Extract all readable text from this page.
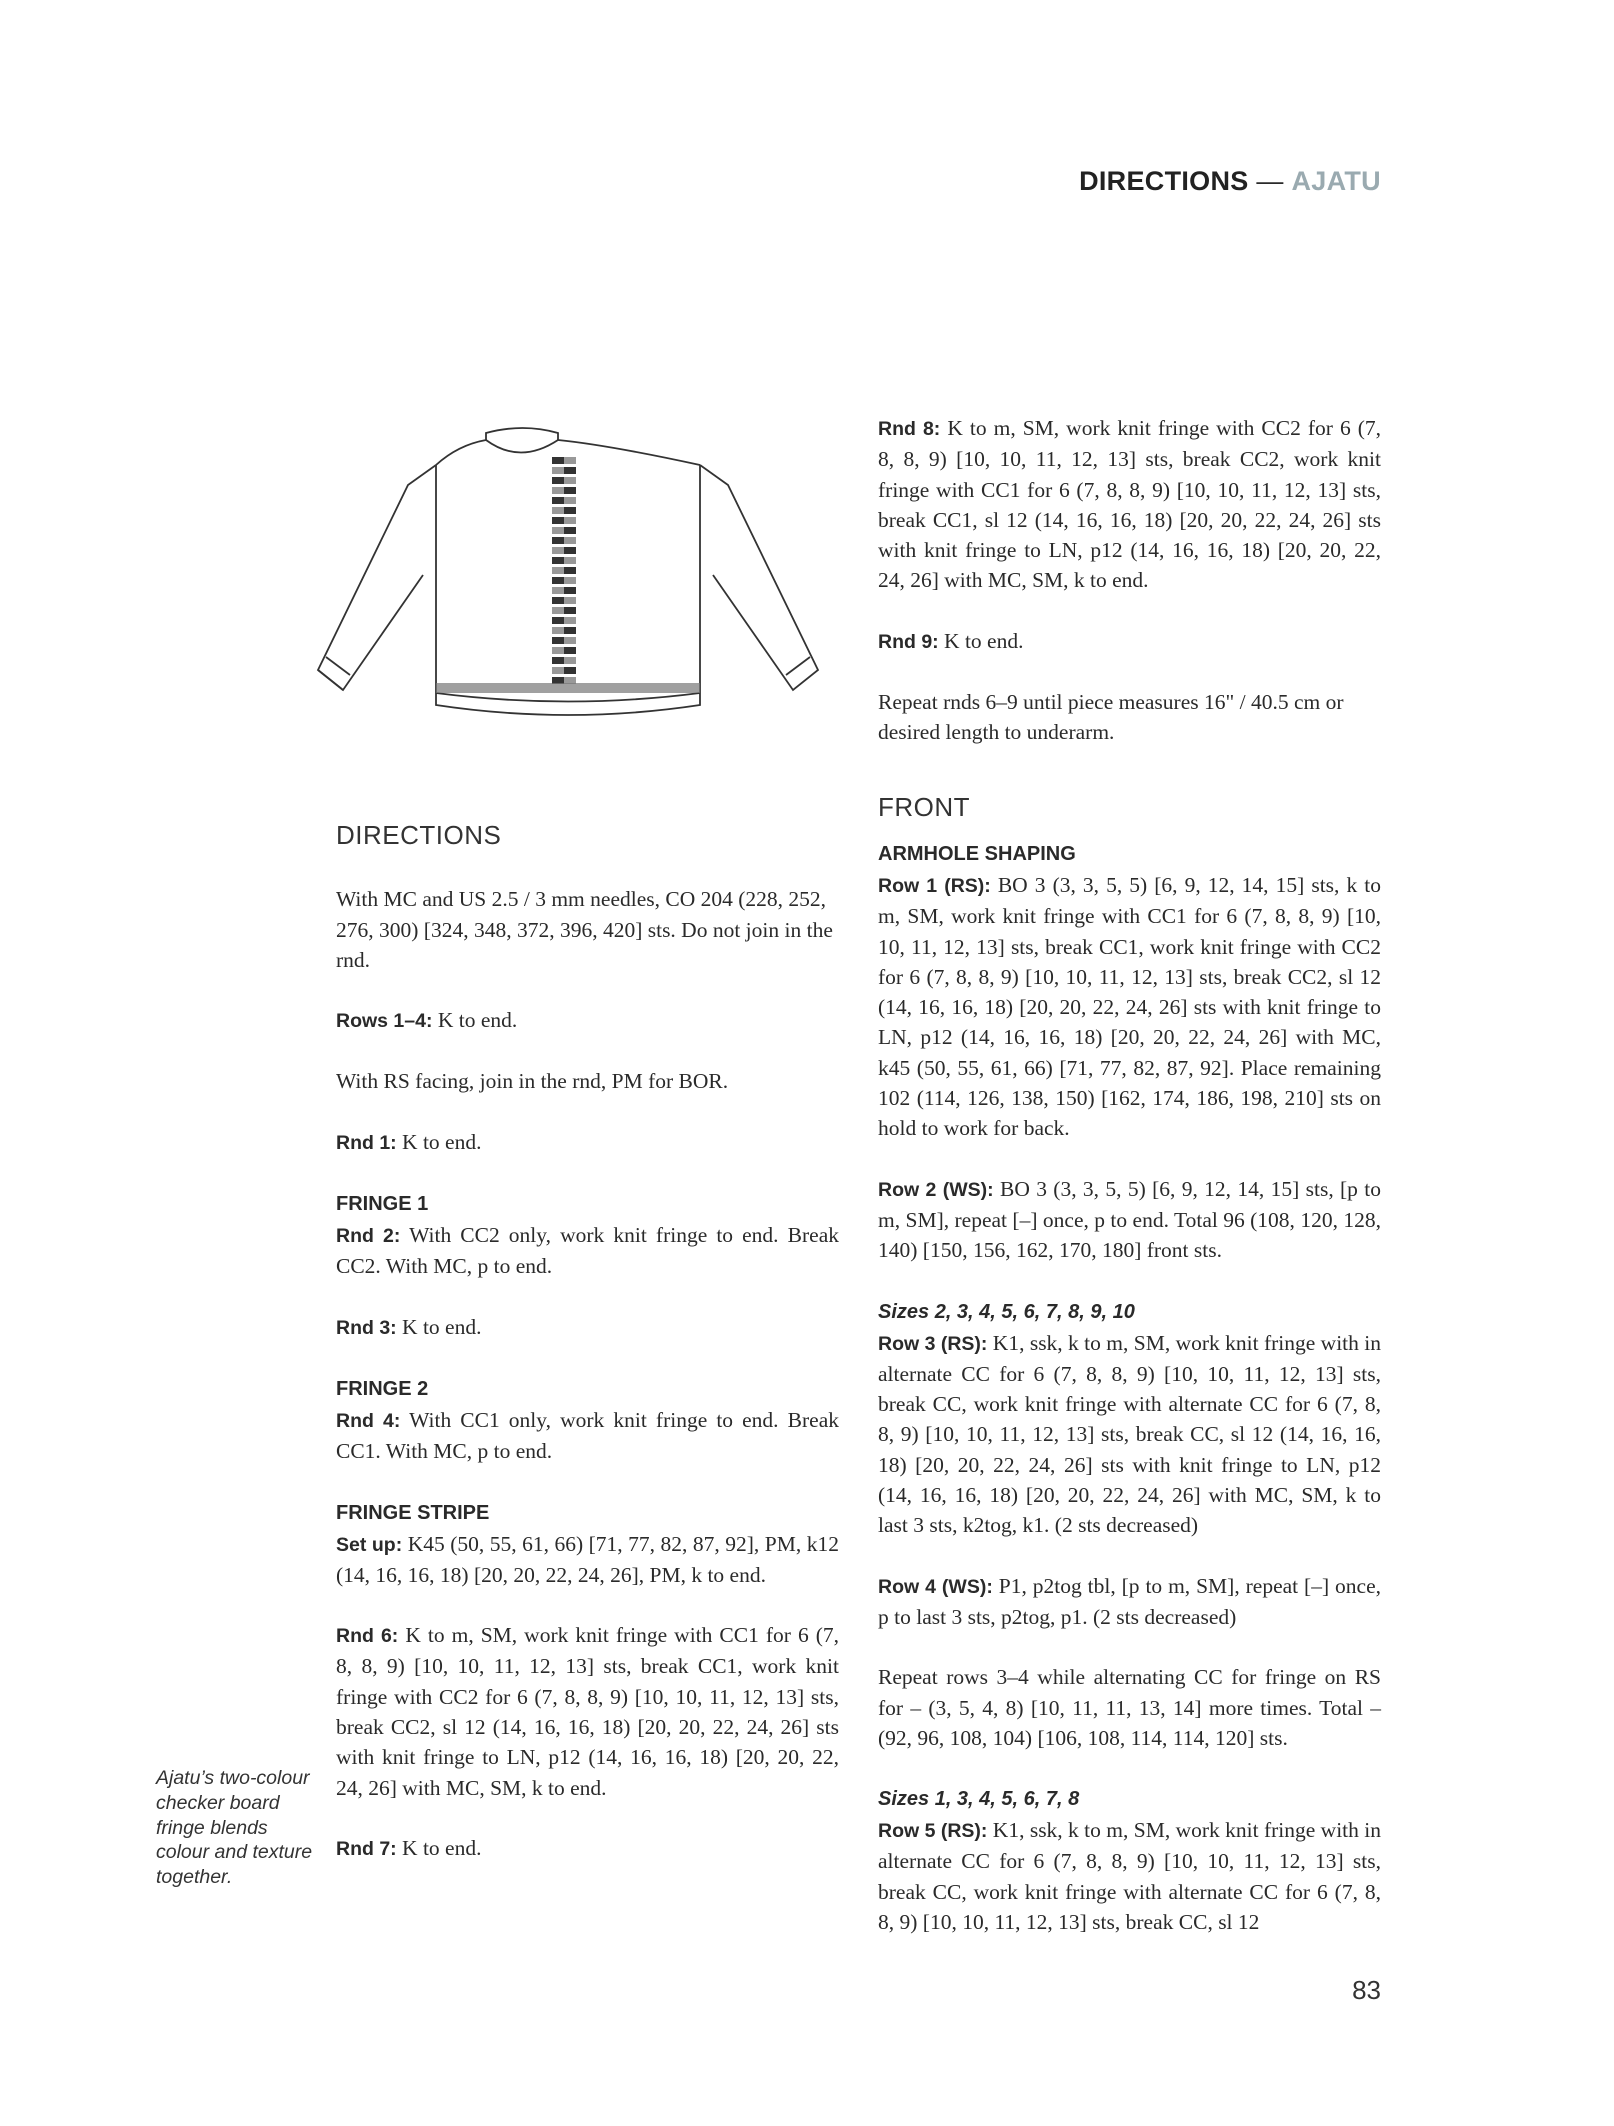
DIRECTIONS — AJATU

Rnd 8: K to m, SM, work knit fringe with CC2 for 6 (7, 8, 8, 9) [10, 10, 11, 12, 13] sts, break CC2, work knit fringe with CC1 for 6 (7, 8, 8, 9) [10, 10, 11, 12, 13] sts, break CC1, sl 12 (14, 16, 16, 18) [20, 20, 22, 24, 26] sts with knit fringe to LN, p12 (14, 16, 16, 18) [20, 20, 22, 24, 26] with MC, SM, k to end.

Rnd 9: K to end.

Repeat rnds 6–9 until piece measures 16" / 40.5 cm or desired length to underarm.

FRONT
ARMHOLE SHAPING

Row 1 (RS): BO 3 (3, 3, 5, 5) [6, 9, 12, 14, 15] sts, k to m, SM, work knit fringe with CC1 for 6 (7, 8, 8, 9) [10, 10, 11, 12, 13] sts, break CC1, work knit fringe with CC2 for 6 (7, 8, 8, 9) [10, 10, 11, 12, 13] sts, break CC2, sl 12 (14, 16, 16, 18) [20, 20, 22, 24, 26] sts with knit fringe to LN, p12 (14, 16, 16, 18) [20, 20, 22, 24, 26] with MC, k45 (50, 55, 61, 66) [71, 77, 82, 87, 92]. Place remaining 102 (114, 126, 138, 150) [162, 174, 186, 198, 210] sts on hold to work for back.

Row 2 (WS): BO 3 (3, 3, 5, 5) [6, 9, 12, 14, 15] sts, [p to m, SM], repeat [–] once, p to end. Total 96 (108, 120, 128, 140) [150, 156, 162, 170, 180] front sts.

Sizes 2, 3, 4, 5, 6, 7, 8, 9, 10

Row 3 (RS): K1, ssk, k to m, SM, work knit fringe with in alternate CC for 6 (7, 8, 8, 9) [10, 10, 11, 12, 13] sts, break CC, work knit fringe with alternate CC for 6 (7, 8, 8, 9) [10, 10, 11, 12, 13] sts, break CC, sl 12 (14, 16, 16, 18) [20, 20, 22, 24, 26] sts with knit fringe to LN, p12 (14, 16, 16, 18) [20, 20, 22, 24, 26] with MC, SM, k to last 3 sts, k2tog, k1. (2 sts decreased)

Row 4 (WS): P1, p2tog tbl, [p to m, SM], repeat [–] once, p to last 3 sts, p2tog, p1. (2 sts decreased)

Repeat rows 3–4 while alternating CC for fringe on RS for – (3, 5, 4, 8) [10, 11, 11, 13, 14] more times. Total – (92, 96, 108, 104) [106, 108, 114, 114, 120] sts.

Sizes 1, 3, 4, 5, 6, 7, 8

Row 5 (RS): K1, ssk, k to m, SM, work knit fringe with in alternate CC for 6 (7, 8, 8, 9) [10, 10, 11, 12, 13] sts, break CC, work knit fringe with alternate CC for 6 (7, 8, 8, 9) [10, 10, 11, 12, 13] sts, break CC, sl 12

DIRECTIONS

With MC and US 2.5 / 3 mm needles, CO 204 (228, 252, 276, 300) [324, 348, 372, 396, 420] sts. Do not join in the rnd.

Rows 1–4: K to end.

With RS facing, join in the rnd, PM for BOR.

Rnd 1: K to end.

FRINGE 1

Rnd 2: With CC2 only, work knit fringe to end. Break CC2. With MC, p to end.

Rnd 3: K to end.

FRINGE 2

Rnd 4: With CC1 only, work knit fringe to end. Break CC1. With MC, p to end.

FRINGE STRIPE

Set up: K45 (50, 55, 61, 66) [71, 77, 82, 87, 92], PM, k12 (14, 16, 16, 18) [20, 20, 22, 24, 26], PM, k to end.

Rnd 6: K to m, SM, work knit fringe with CC1 for 6 (7, 8, 8, 9) [10, 10, 11, 12, 13] sts, break CC1, work knit fringe with CC2 for 6 (7, 8, 8, 9) [10, 10, 11, 12, 13] sts, break CC2, sl 12 (14, 16, 16, 18) [20, 20, 22, 24, 26] sts with knit fringe to LN, p12 (14, 16, 16, 18) [20, 20, 22, 24, 26] with MC, SM, k to end.

Rnd 7: K to end.

Ajatu’s two-colour checker board fringe blends colour and texture together.
83
